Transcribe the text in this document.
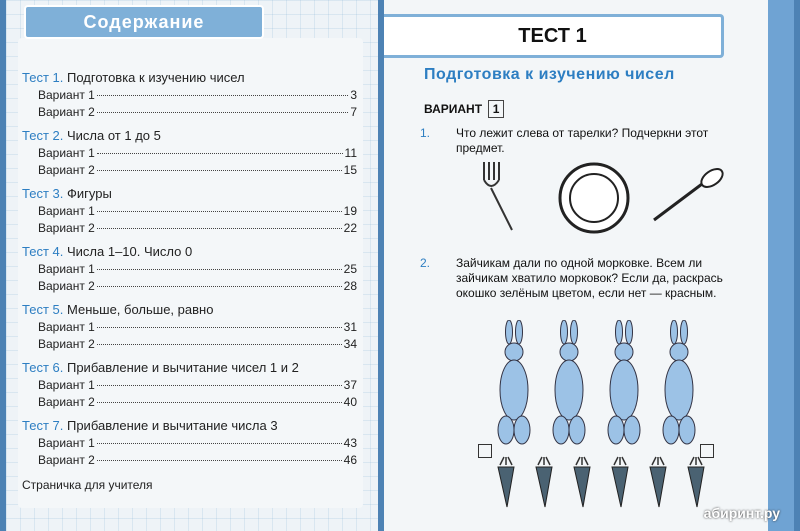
Содержание
Тест 1. Подготовка к изучению чисел
Вариант 1	3
Вариант 2	7
Тест 2. Числа от 1 до 5
Вариант 1	11
Вариант 2	15
Тест 3. Фигуры
Вариант 1	19
Вариант 2	22
Тест 4. Числа 1–10. Число 0
Вариант 1	25
Вариант 2	28
Тест 5. Меньше, больше, равно
Вариант 1	31
Вариант 2	34
Тест 6. Прибавление и вычитание чисел 1 и 2
Вариант 1	37
Вариант 2	40
Тест 7. Прибавление и вычитание числа 3
Вариант 1	43
Вариант 2	46
Страничка для учителя
ТЕСТ 1
Подготовка к изучению чисел
ВАРИАНТ 1
1. Что лежит слева от тарелки? Подчеркни этот предмет.
2. Зайчикам дали по одной морковке. Всем ли зайчикам хватило морковок? Если да, раскрась окошко зелёным цветом, если нет — красным.
абиринт.ру
